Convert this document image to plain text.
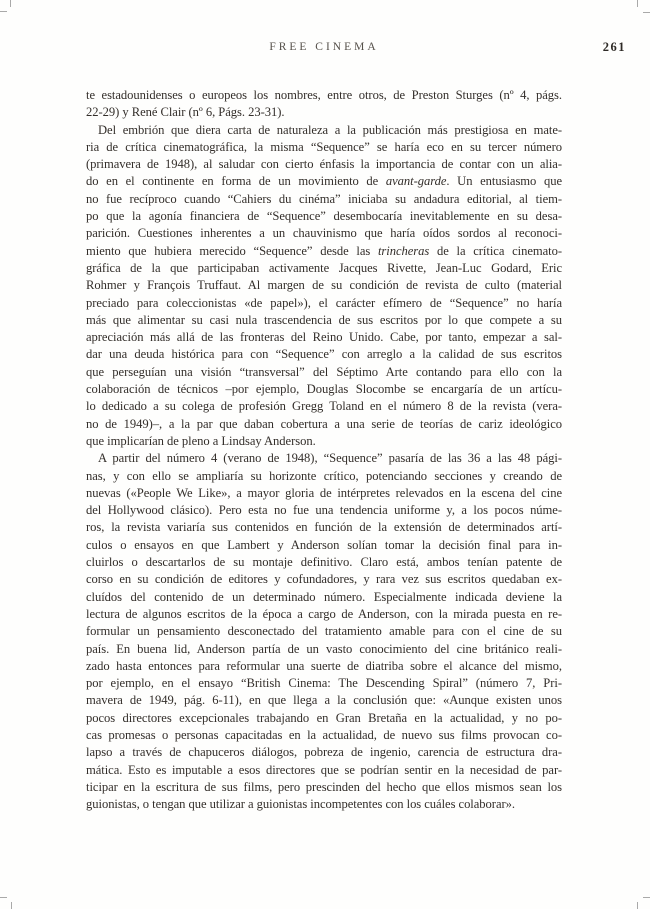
FREE CINEMA	261
te estadounidenses o europeos los nombres, entre otros, de Preston Sturges (nº 4, págs.
22-29) y René Clair (nº 6, Págs. 23-31).
Del embrión que diera carta de naturaleza a la publicación más prestigiosa en mate-
ria de crítica cinematográfica, la misma “Sequence” se haría eco en su tercer número
(primavera de 1948), al saludar con cierto énfasis la importancia de contar con un alia-
do en el continente en forma de un movimiento de avant-garde. Un entusiasmo que
no fue recíproco cuando “Cahiers du cinéma” iniciaba su andadura editorial, al tiem-
po que la agonía financiera de “Sequence” desembocaría inevitablemente en su desa-
parición. Cuestiones inherentes a un chauvinismo que haría oídos sordos al reconoci-
miento que hubiera merecido “Sequence” desde las trincheras de la crítica cinemato-
gráfica de la que participaban activamente Jacques Rivette, Jean-Luc Godard, Eric
Rohmer y François Truffaut. Al margen de su condición de revista de culto (material
preciado para coleccionistas «de papel»), el carácter efímero de “Sequence” no haría
más que alimentar su casi nula trascendencia de sus escritos por lo que compete a su
apreciación más allá de las fronteras del Reino Unido. Cabe, por tanto, empezar a sal-
dar una deuda histórica para con “Sequence” con arreglo a la calidad de sus escritos
que perseguían una visión “transversal” del Séptimo Arte contando para ello con la
colaboración de técnicos –por ejemplo, Douglas Slocombe se encargaría de un artícu-
lo dedicado a su colega de profesión Gregg Toland en el número 8 de la revista (vera-
no de 1949)–, a la par que daban cobertura a una serie de teorías de cariz ideológico
que implicarían de pleno a Lindsay Anderson.
A partir del número 4 (verano de 1948), “Sequence” pasaría de las 36 a las 48 pági-
nas, y con ello se ampliaría su horizonte crítico, potenciando secciones y creando de
nuevas («People We Like», a mayor gloria de intérpretes relevados en la escena del cine
del Hollywood clásico). Pero esta no fue una tendencia uniforme y, a los pocos núme-
ros, la revista variaría sus contenidos en función de la extensión de determinados artí-
culos o ensayos en que Lambert y Anderson solían tomar la decisión final para in-
cluirlos o descartarlos de su montaje definitivo. Claro está, ambos tenían patente de
corso en su condición de editores y cofundadores, y rara vez sus escritos quedaban ex-
cluídos del contenido de un determinado número. Especialmente indicada deviene la
lectura de algunos escritos de la época a cargo de Anderson, con la mirada puesta en re-
formular un pensamiento desconectado del tratamiento amable para con el cine de su
país. En buena lid, Anderson partía de un vasto conocimiento del cine británico reali-
zado hasta entonces para reformular una suerte de diatriba sobre el alcance del mismo,
por ejemplo, en el ensayo “British Cinema: The Descending Spiral” (número 7, Pri-
mavera de 1949, pág. 6-11), en que llega a la conclusión que: «Aunque existen unos
pocos directores excepcionales trabajando en Gran Bretaña en la actualidad, y no po-
cas promesas o personas capacitadas en la actualidad, de nuevo sus films provocan co-
lapso a través de chapuceros diálogos, pobreza de ingenio, carencia de estructura dra-
mática. Esto es imputable a esos directores que se podrían sentir en la necesidad de par-
ticipar en la escritura de sus films, pero prescinden del hecho que ellos mismos sean los
guionistas, o tengan que utilizar a guionistas incompetentes con los cuáles colaborar».
